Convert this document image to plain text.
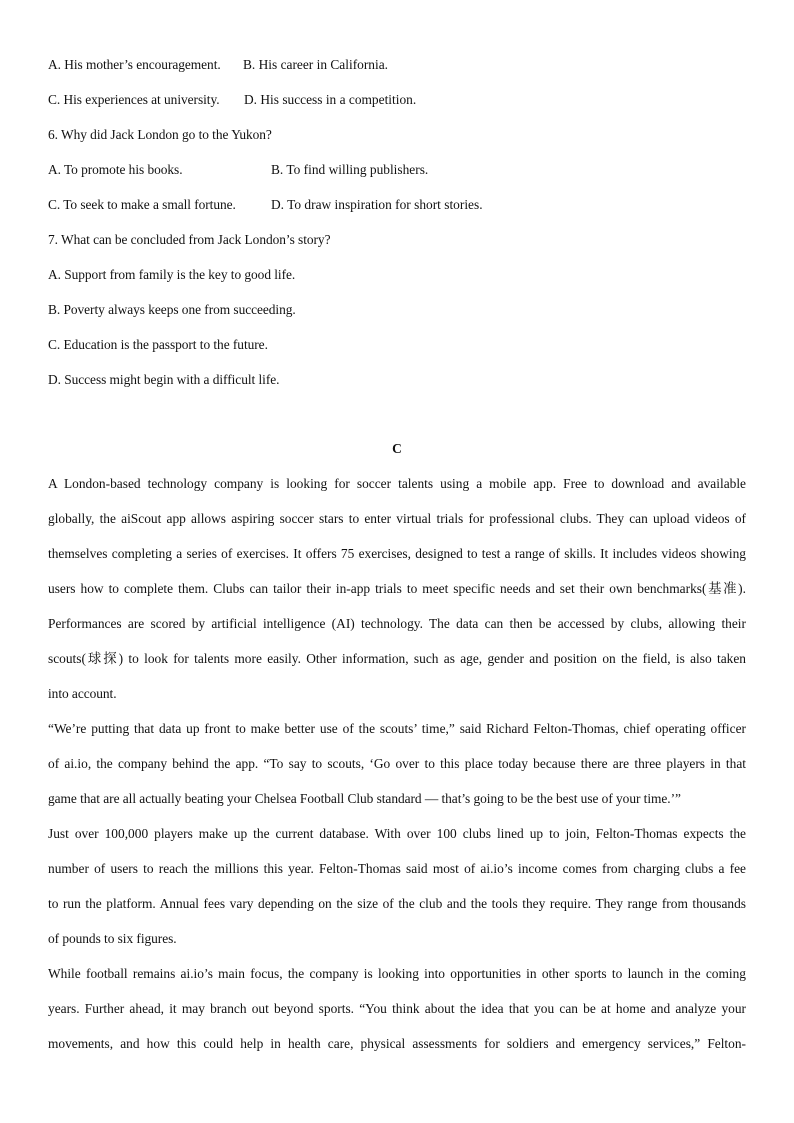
A. His mother’s encouragement. B. His career in California.
C. His experiences at university. D. His success in a competition.
6. Why did Jack London go to the Yukon?
A. To promote his books.	B. To find willing publishers.
C. To seek to make a small fortune.	D. To draw inspiration for short stories.
7. What can be concluded from Jack London’s story?
A. Support from family is the key to good life.
B. Poverty always keeps one from succeeding.
C. Education is the passport to the future.
D. Success might begin with a difficult life.
C
A London-based technology company is looking for soccer talents using a mobile app. Free to download and available
globally, the aiScout app allows aspiring soccer stars to enter virtual trials for professional clubs. They can upload videos of
themselves completing a series of exercises. It offers 75 exercises, designed to test a range of skills. It includes videos showing
users how to complete them. Clubs can tailor their in-app trials to meet specific needs and set their own benchmarks(基准).
Performances are scored by artificial intelligence (AI) technology. The data can then be accessed by clubs, allowing their
scouts(球探) to look for talents more easily. Other information, such as age, gender and position on the field, is also taken
into account.
“We’re putting that data up front to make better use of the scouts’ time,” said Richard Felton-Thomas, chief operating officer
of ai.io, the company behind the app. “To say to scouts, ‘Go over to this place today because there are three players in that
game that are all actually beating your Chelsea Football Club standard — that’s going to be the best use of your time.’”
Just over 100,000 players make up the current database. With over 100 clubs lined up to join, Felton-Thomas expects the
number of users to reach the millions this year. Felton-Thomas said most of ai.io’s income comes from charging clubs a fee
to run the platform. Annual fees vary depending on the size of the club and the tools they require. They range from thousands
of pounds to six figures.
While football remains ai.io’s main focus, the company is looking into opportunities in other sports to launch in the coming
years. Further ahead, it may branch out beyond sports. “You think about the idea that you can be at home and analyze your
movements, and how this could help in health care, physical assessments for soldiers and emergency services,” Felton-
